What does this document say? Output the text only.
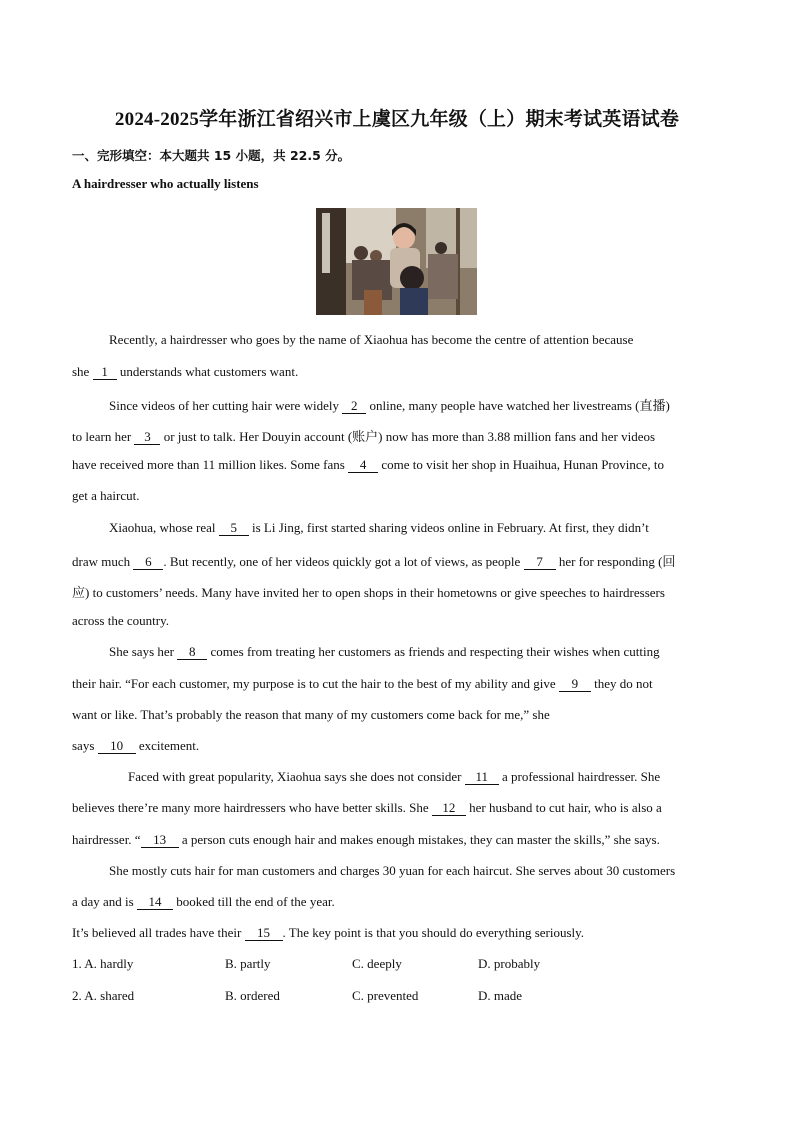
2024-2025学年浙江省绍兴市上虞区九年级（上）期末考试英语试卷
一、完形填空：本大题共 15 小题，共 22.5 分。
A hairdresser who actually listens
Recently, a hairdresser who goes by the name of Xiaohua has become the centre of attention because
she 1 understands what customers want.
Since videos of her cutting hair were widely 2 online, many people have watched her livestreams (直播)
to learn her 3 or just to talk. Her Douyin account (账户) now has more than 3.88 million fans and her videos
have received more than 11 million likes. Some fans 4 come to visit her shop in Huaihua, Hunan Province, to
get a haircut.
Xiaohua, whose real 5 is Li Jing, first started sharing videos online in February. At first, they didn’t
draw much 6 . But recently, one of her videos quickly got a lot of views, as people 7 her for responding (回
应) to customers’ needs. Many have invited her to open shops in their hometowns or give speeches to hairdressers
across the country.
She says her 8 comes from treating her customers as friends and respecting their wishes when cutting
their hair. “For each customer, my purpose is to cut the hair to the best of my ability and give 9 they do not
want or like. That’s probably the reason that many of my customers come back for me,” she
says 10 excitement.
Faced with great popularity, Xiaohua says she does not consider 11 a professional hairdresser. She
believes there’re many more hairdressers who have better skills. She 12 her husband to cut hair, who is also a
hairdresser. “ 13 a person cuts enough hair and makes enough mistakes, they can master the skills,” she says.
She mostly cuts hair for man customers and charges 30 yuan for each haircut. She serves about 30 customers
a day and is 14 booked till the end of the year.
It’s believed all trades have their 15 . The key point is that you should do everything seriously.
1. A. hardly	B. partly	C. deeply	D. probably
2. A. shared	B. ordered	C. prevented	D. made
